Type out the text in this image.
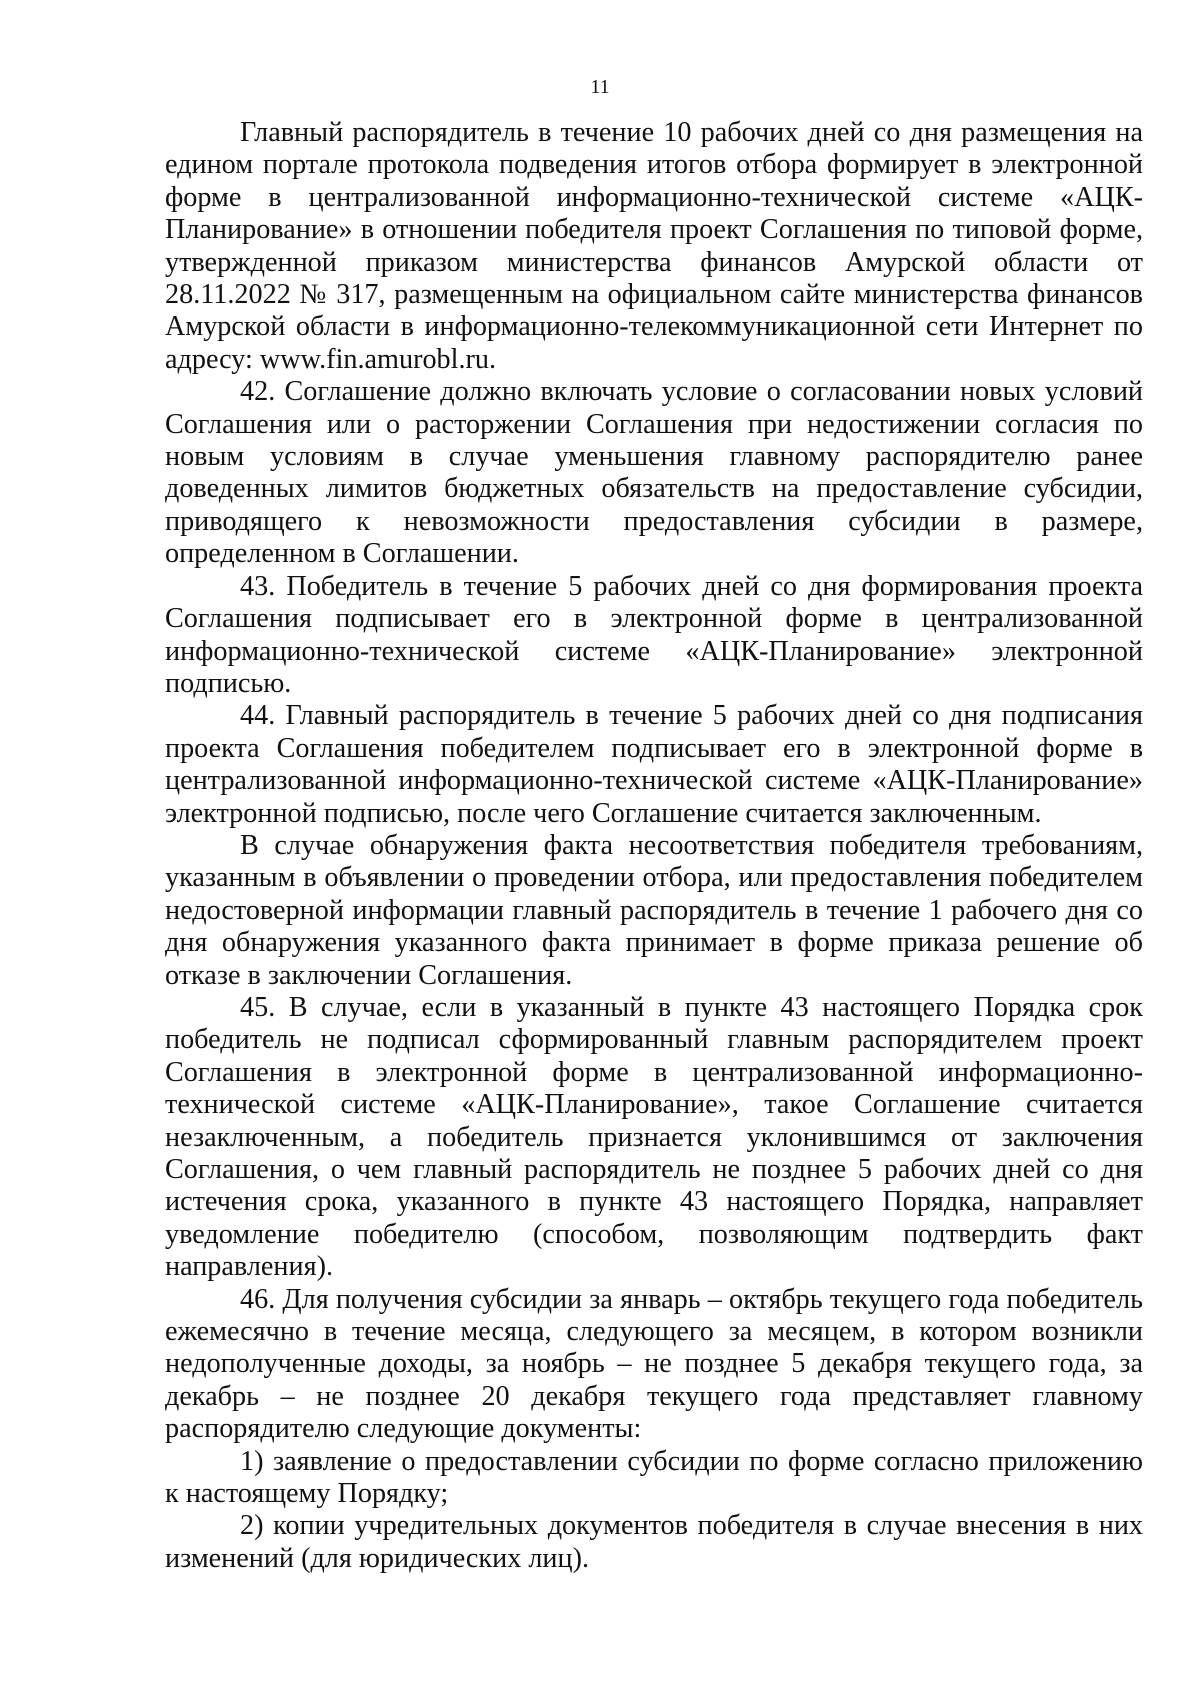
11

Главный распорядитель в течение 10 рабочих дней со дня размещения на едином портале протокола подведения итогов отбора формирует в электронной форме в централизованной информационно-технической системе «АЦК-Планирование» в отношении победителя проект Соглашения по типовой форме, утвержденной приказом министерства финансов Амурской области от 28.11.2022 № 317, размещенным на официальном сайте министерства финансов Амурской области в информационно-телекоммуникационной сети Интернет по адресу: www.fin.amurobl.ru.

42. Соглашение должно включать условие о согласовании новых условий Соглашения или о расторжении Соглашения при недостижении согласия по новым условиям в случае уменьшения главному распорядителю ранее доведенных лимитов бюджетных обязательств на предоставление субсидии, приводящего к невозможности предоставления субсидии в размере, определенном в Соглашении.

43. Победитель в течение 5 рабочих дней со дня формирования проекта Соглашения подписывает его в электронной форме в централизованной информационно-технической системе «АЦК-Планирование» электронной подписью.

44. Главный распорядитель в течение 5 рабочих дней со дня подписания проекта Соглашения победителем подписывает его в электронной форме в централизованной информационно-технической системе «АЦК-Планирование» электронной подписью, после чего Соглашение считается заключенным.

В случае обнаружения факта несоответствия победителя требованиям, указанным в объявлении о проведении отбора, или предоставления победителем недостоверной информации главный распорядитель в течение 1 рабочего дня со дня обнаружения указанного факта принимает в форме приказа решение об отказе в заключении Соглашения.

45. В случае, если в указанный в пункте 43 настоящего Порядка срок победитель не подписал сформированный главным распорядителем проект Соглашения в электронной форме в централизованной информационно-технической системе «АЦК-Планирование», такое Соглашение считается незаключенным, а победитель признается уклонившимся от заключения Соглашения, о чем главный распорядитель не позднее 5 рабочих дней со дня истечения срока, указанного в пункте 43 настоящего Порядка, направляет уведомление победителю (способом, позволяющим подтвердить факт направления).

46. Для получения субсидии за январь – октябрь текущего года победитель ежемесячно в течение месяца, следующего за месяцем, в котором возникли недополученные доходы, за ноябрь – не позднее 5 декабря текущего года, за декабрь – не позднее 20 декабря текущего года представляет главному распорядителю следующие документы:

1) заявление о предоставлении субсидии по форме согласно приложению к настоящему Порядку;

2) копии учредительных документов победителя в случае внесения в них изменений (для юридических лиц).
